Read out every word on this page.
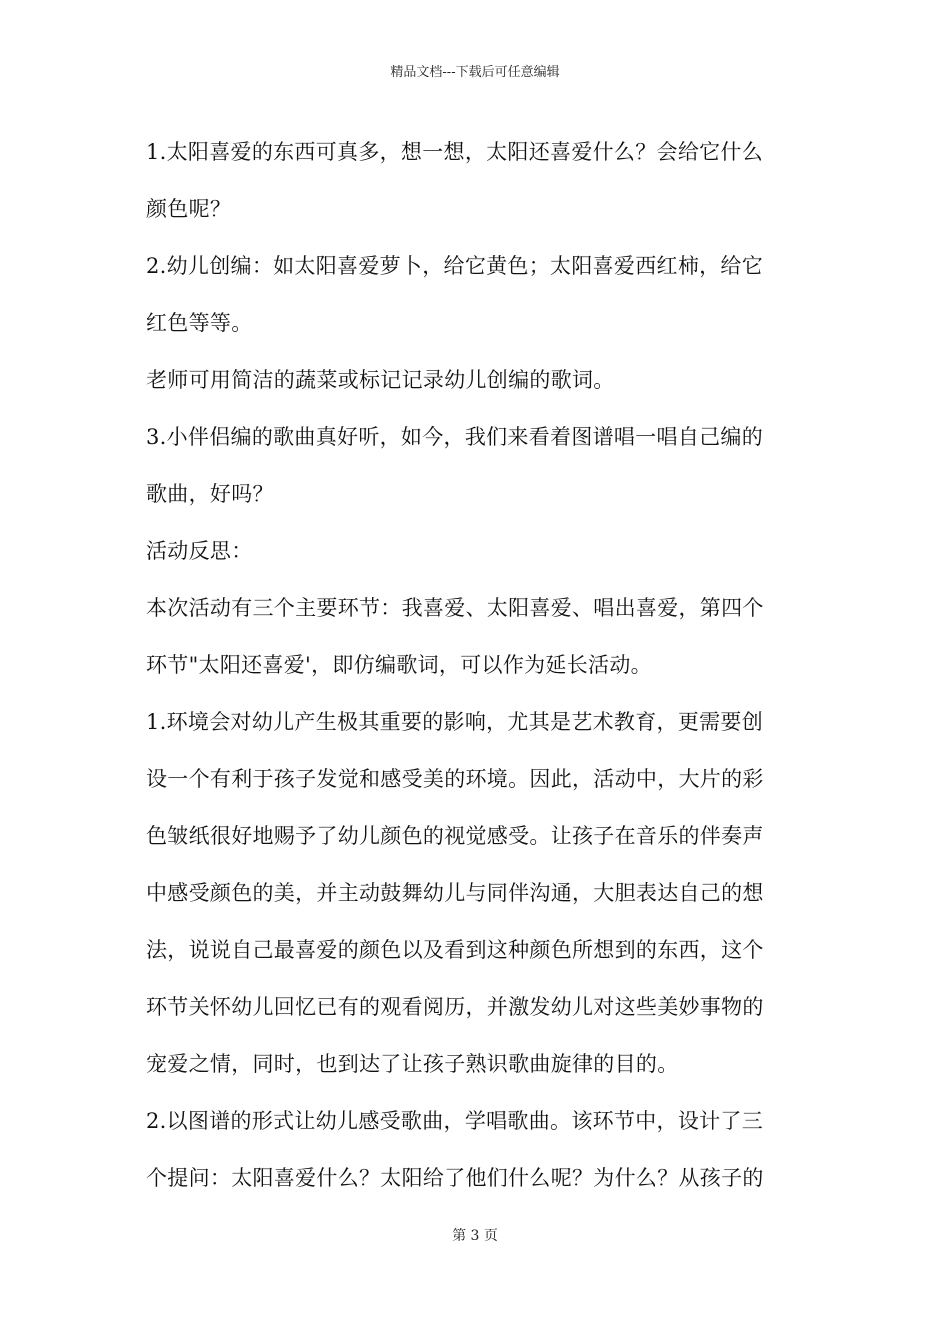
精品文档---下载后可任意编辑
1.太阳喜爱的东西可真多，想一想，太阳还喜爱什么？会给它什么
颜色呢？
2.幼儿创编：如太阳喜爱萝卜，给它黄色；太阳喜爱西红柿，给它
红色等等。
老师可用简洁的蔬菜或标记记录幼儿创编的歌词。
3.小伴侣编的歌曲真好听，如今，我们来看着图谱唱一唱自己编的
歌曲，好吗？
活动反思：
本次活动有三个主要环节：我喜爱、太阳喜爱、唱出喜爱，第四个
环节"太阳还喜爱'，即仿编歌词，可以作为延长活动。
1.环境会对幼儿产生极其重要的影响，尤其是艺术教育，更需要创
设一个有利于孩子发觉和感受美的环境。因此，活动中，大片的彩
色皱纸很好地赐予了幼儿颜色的视觉感受。让孩子在音乐的伴奏声
中感受颜色的美，并主动鼓舞幼儿与同伴沟通，大胆表达自己的想
法，说说自己最喜爱的颜色以及看到这种颜色所想到的东西，这个
环节关怀幼儿回忆已有的观看阅历，并激发幼儿对这些美妙事物的
宠爱之情，同时，也到达了让孩子熟识歌曲旋律的目的。
2.以图谱的形式让幼儿感受歌曲，学唱歌曲。该环节中，设计了三
个提问：太阳喜爱什么？太阳给了他们什么呢？为什么？从孩子的
第 3 页
